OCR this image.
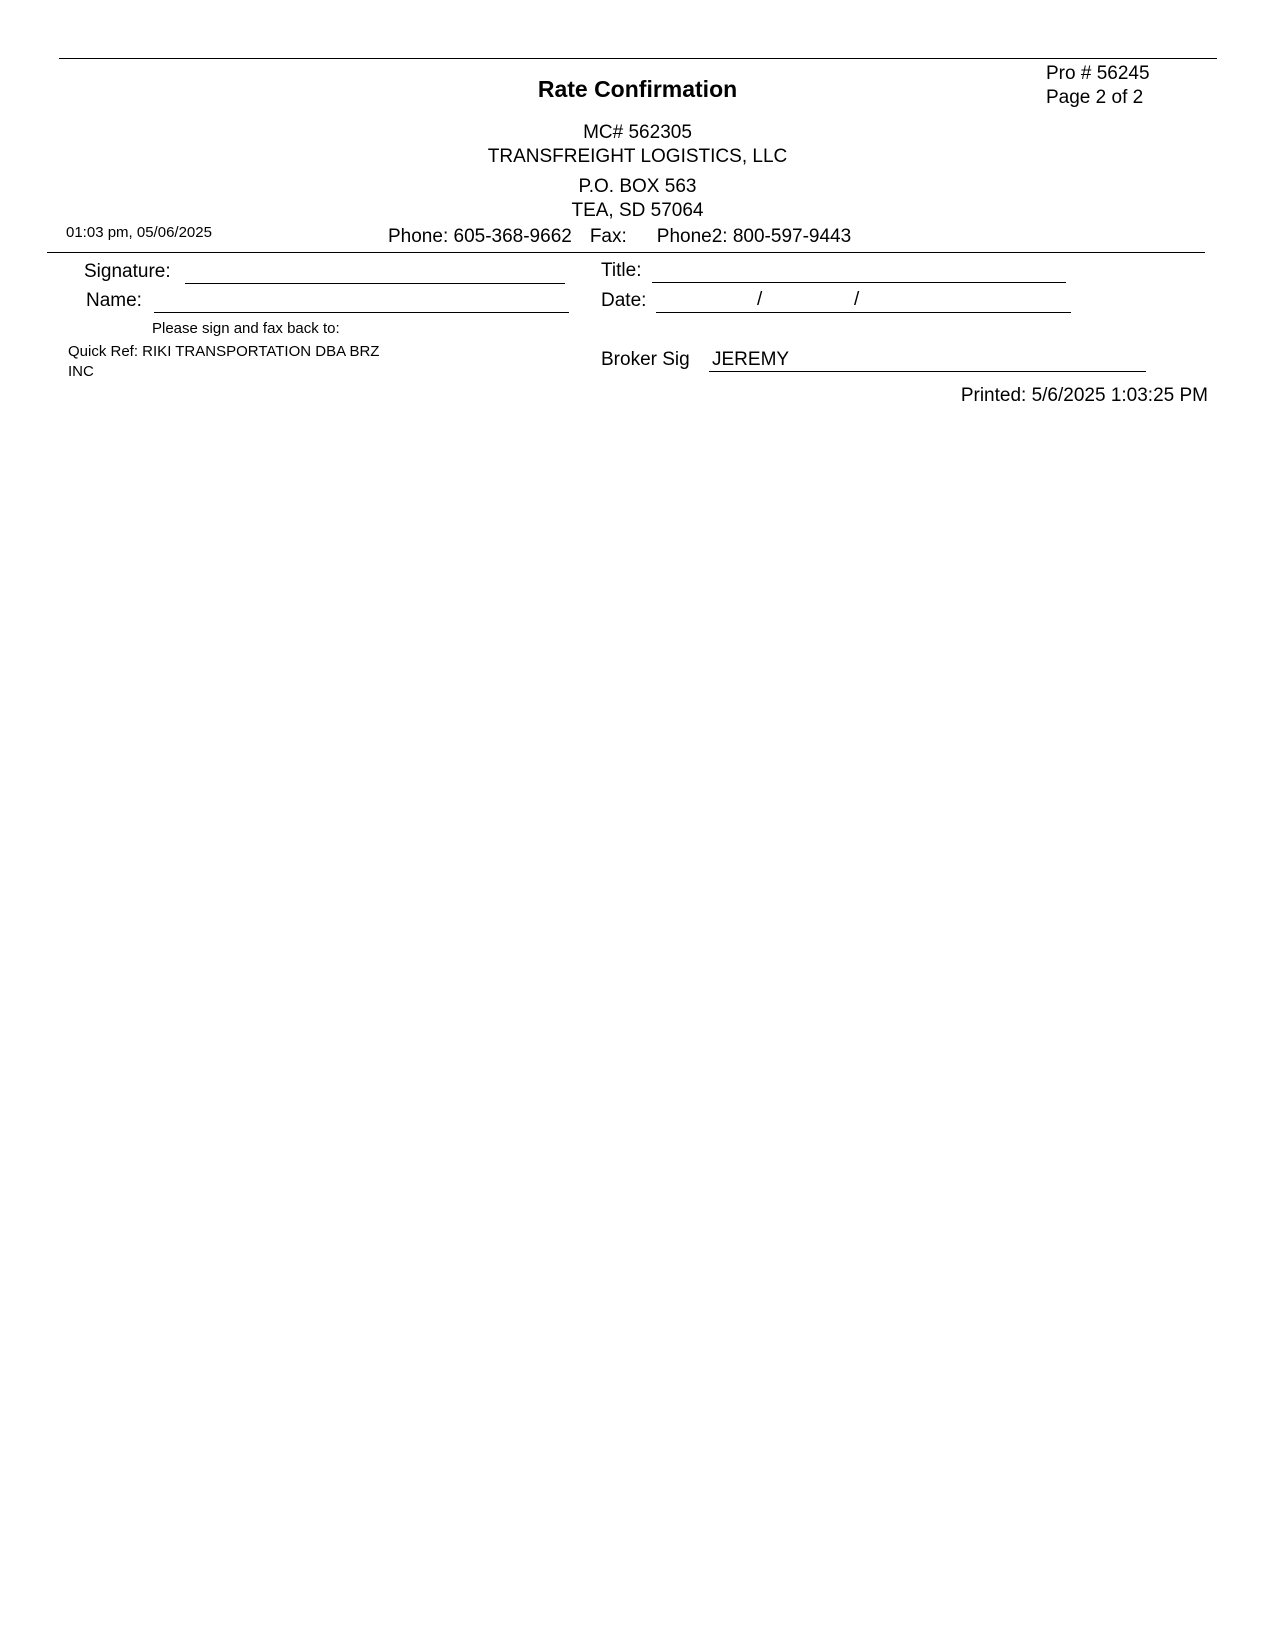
Rate Confirmation
Pro # 56245
Page 2 of 2
MC# 562305
TRANSFREIGHT LOGISTICS, LLC
P.O. BOX 563
TEA, SD 57064
01:03 pm, 05/06/2025	Phone: 605-368-9662 Fax: Phone2: 800-597-9443
Signature:	Title:
Name:	Date:	/	/
Please sign and fax back to:
Quick Ref: RIKI TRANSPORTATION DBA BRZ
INC
Broker Sig JEREMY
Printed: 5/6/2025 1:03:25 PM
